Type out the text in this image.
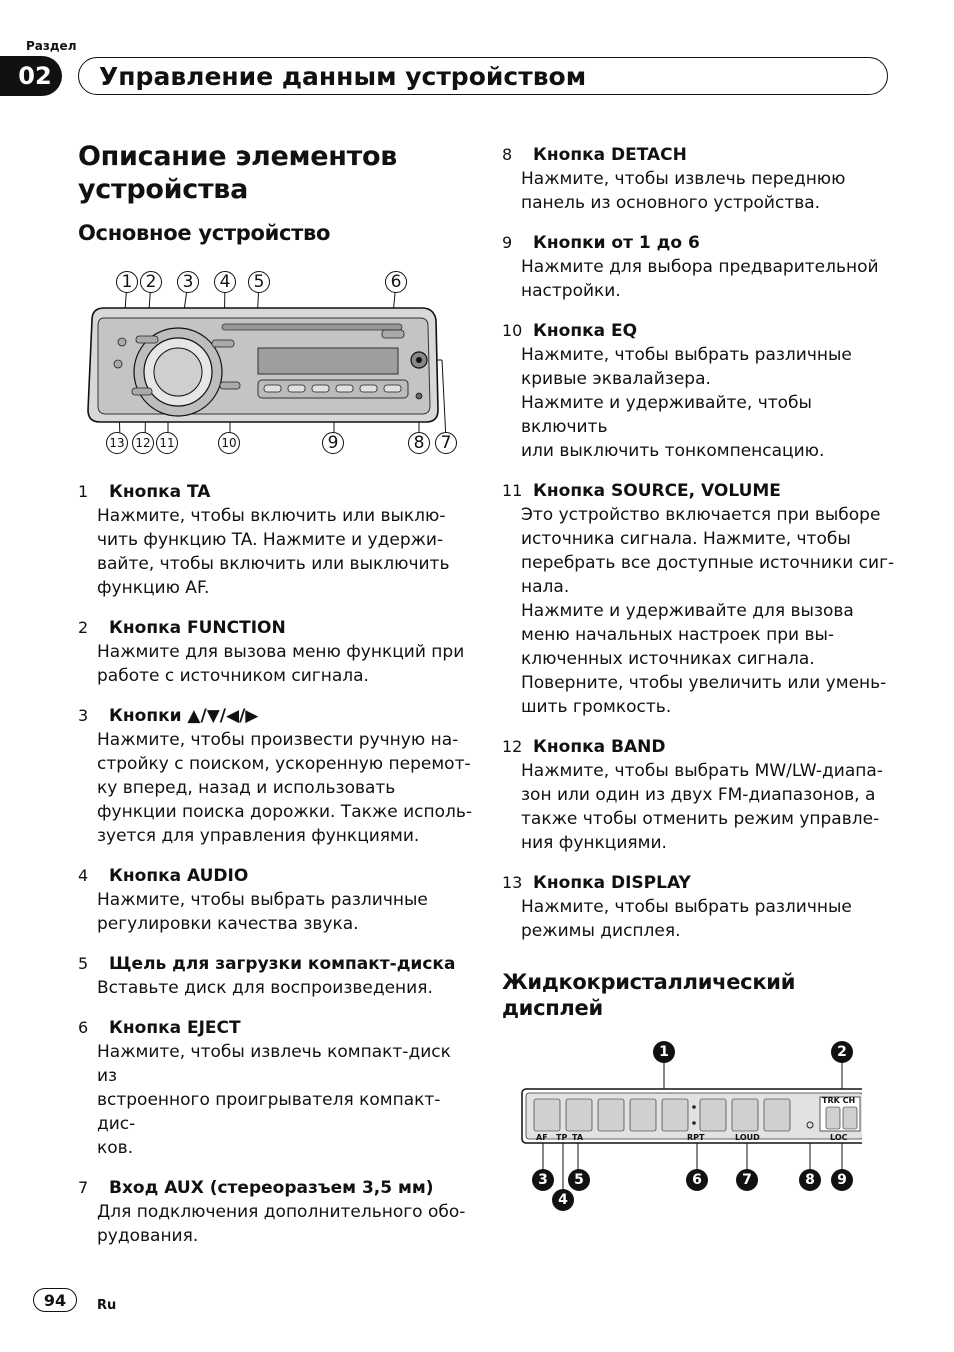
Раздел
02	Управление данным устройством
Описание элементов устройства
Основное устройство
1 2	3	4	5	6
13 12 11	10	9	8 7
1	Кнопка TA

Нажмите, чтобы включить или выклю-

чить функцию TA. Нажмите и удержи-

вайте, чтобы включить или выключить

функцию AF.

2	Кнопка FUNCTION

Нажмите для вызова меню функций при

работе с источником сигнала.

3	Кнопки ▲/▼/◀/▶

Нажмите, чтобы произвести ручную на-

стройку с поиском, ускоренную перемот-

ку вперед, назад и использовать

функции поиска дорожки. Также исполь-

зуется для управления функциями.

4	Кнопка AUDIO

Нажмите, чтобы выбрать различные

регулировки качества звука.

5	Щель для загрузки компакт-диска

Вставьте диск для воспроизведения.

6	Кнопка EJECT

Нажмите, чтобы извлечь компакт-диск из

встроенного проигрывателя компакт-дис-

ков.

7	Вход AUX (стереоразъем 3,5 мм)

Для подключения дополнительного обо-

рудования.

8	Кнопка DETACH

Нажмите, чтобы извлечь переднюю

панель из основного устройства.

9	Кнопки от 1 до 6

Нажмите для выбора предварительной

настройки.

10 Кнопка EQ

Нажмите, чтобы выбрать различные

кривые эквалайзера.

Нажмите и удерживайте, чтобы включить

или выключить тонкомпенсацию.

11 Кнопка SOURCE, VOLUME

Это устройство включается при выборе

источника сигнала. Нажмите, чтобы

перебрать все доступные источники сиг-

нала.

Нажмите и удерживайте для вызова

меню начальных настроек при вы-

ключенных источниках сигнала.

Поверните, чтобы увеличить или умень-

шить громкость.

12 Кнопка BAND

Нажмите, чтобы выбрать MW/LW-диапа-

зон или один из двух FM-диапазонов, а

также чтобы отменить режим управле-

ния функциями.

13 Кнопка DISPLAY

Нажмите, чтобы выбрать различные

режимы дисплея.

Жидкокристаллический дисплей
TRK CH
AF TP TA	RPT	LOUD	LOC
1	2
3
4
5	6	7	8	9
94	Ru
